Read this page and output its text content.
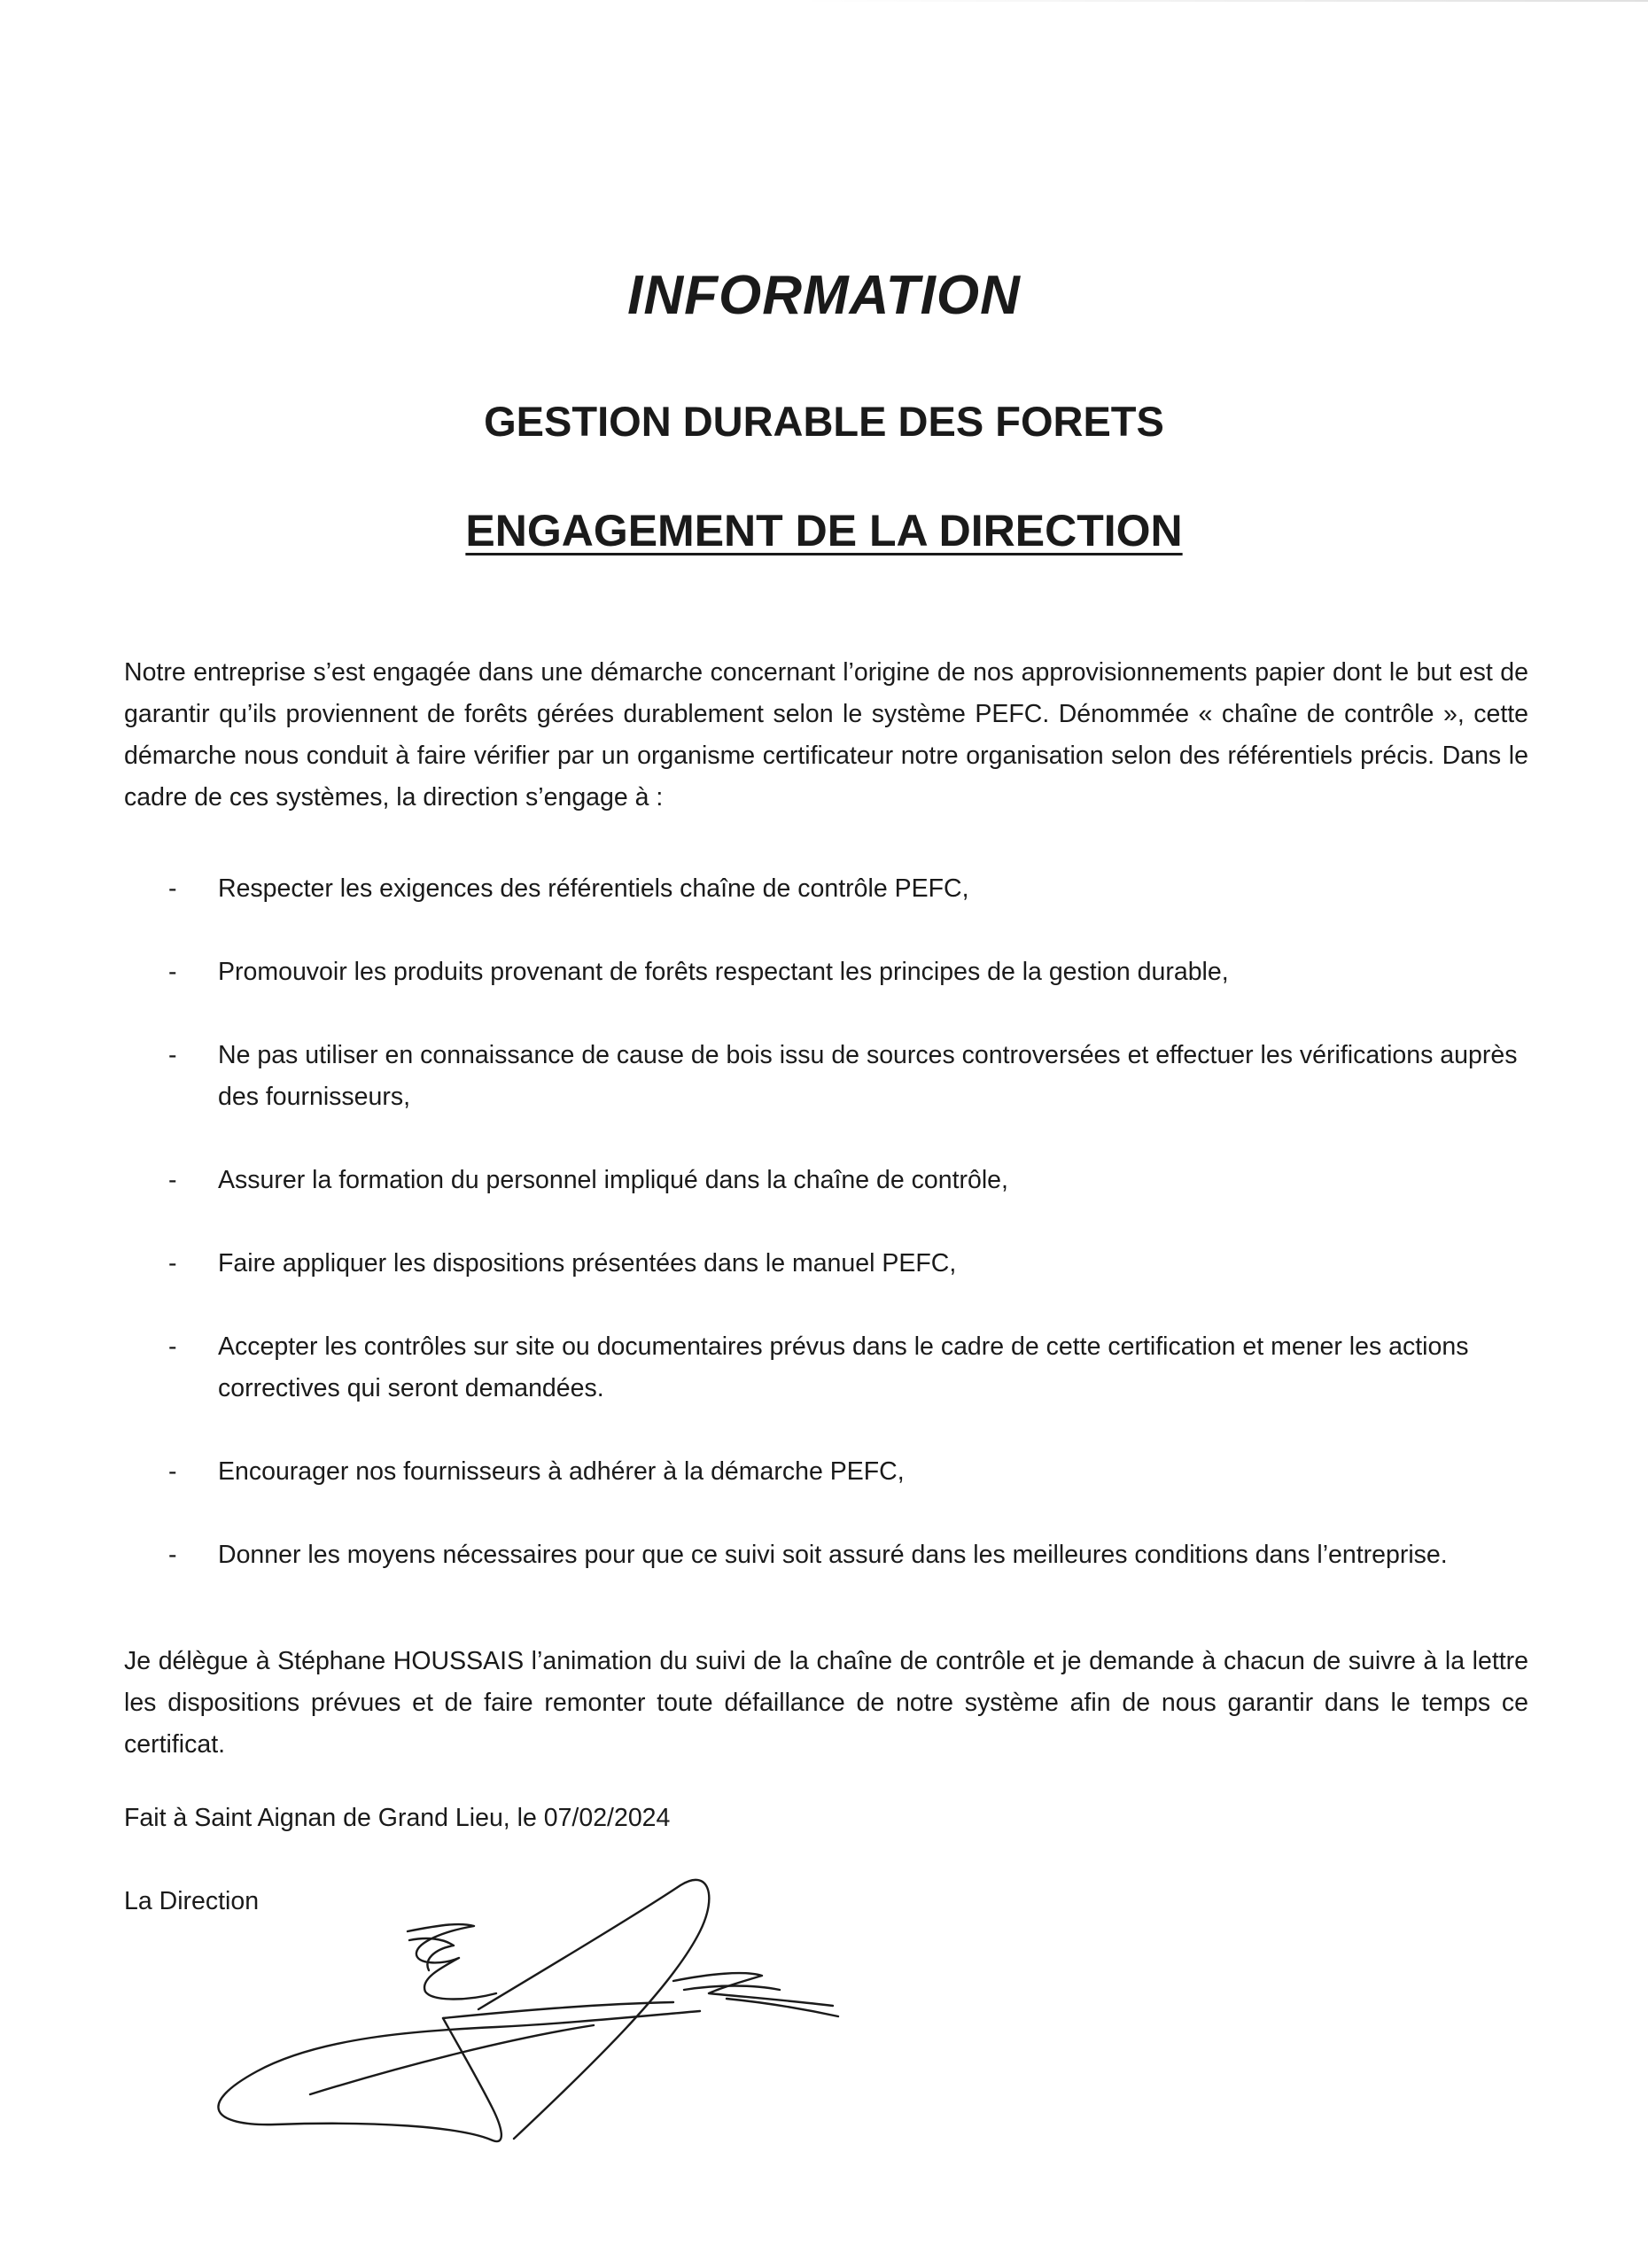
INFORMATION
GESTION DURABLE DES FORETS
ENGAGEMENT DE LA DIRECTION

Notre entreprise s’est engagée dans une démarche concernant l’origine de nos approvisionnements papier dont le but est de garantir qu’ils proviennent de forêts gérées durablement selon le système PEFC. Dénommée « chaîne de contrôle », cette démarche nous conduit à faire vérifier par un organisme certificateur notre organisation selon des référentiels précis. Dans le cadre de ces systèmes, la direction s’engage à :

- Respecter les exigences des référentiels chaîne de contrôle PEFC,
- Promouvoir les produits provenant de forêts respectant les principes de la gestion durable,
- Ne pas utiliser en connaissance de cause de bois issu de sources controversées et effectuer les vérifications auprès des fournisseurs,
- Assurer la formation du personnel impliqué dans la chaîne de contrôle,
- Faire appliquer les dispositions présentées dans le manuel PEFC,
- Accepter les contrôles sur site ou documentaires prévus dans le cadre de cette certification et mener les actions correctives qui seront demandées.
- Encourager nos fournisseurs à adhérer à la démarche PEFC,
- Donner les moyens nécessaires pour que ce suivi soit assuré dans les meilleures conditions dans l’entreprise.

Je délègue à Stéphane HOUSSAIS l’animation du suivi de la chaîne de contrôle et je demande à chacun de suivre à la lettre les dispositions prévues et de faire remonter toute défaillance de notre système afin de nous garantir dans le temps ce certificat.

Fait à Saint Aignan de Grand Lieu, le 07/02/2024

La Direction
